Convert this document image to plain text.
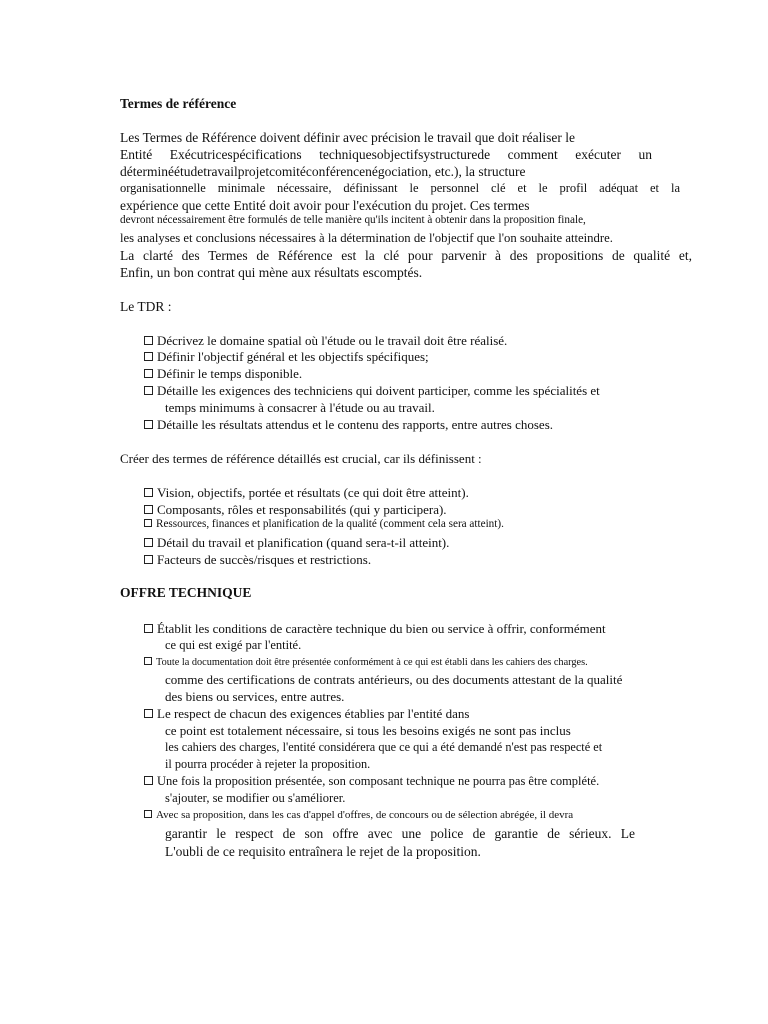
Termes de référence

Les Termes de Référence doivent définir avec précision le travail que doit réaliser le

Entité Exécutricespécifications techniquesobjectifsystructurede comment exécuter un

déterminéétudetravailprojetcomitéconférencenégociation, etc.), la structure

organisationnelle minimale nécessaire, définissant le personnel clé et le profil adéquat et la

expérience que cette Entité doit avoir pour l'exécution du projet. Ces termes

devront nécessairement être formulés de telle manière qu'ils incitent à obtenir dans la proposition finale,

les analyses et conclusions nécessaires à la détermination de l'objectif que l'on souhaite atteindre.

La clarté des Termes de Référence est la clé pour parvenir à des propositions de qualité et,

Enfin, un bon contrat qui mène aux résultats escomptés.

Le TDR :

Décrivez le domaine spatial où l'étude ou le travail doit être réalisé.

Définir l'objectif général et les objectifs spécifiques;

Définir le temps disponible.

Détaille les exigences des techniciens qui doivent participer, comme les spécialités et

temps minimums à consacrer à l'étude ou au travail.

Détaille les résultats attendus et le contenu des rapports, entre autres choses.

Créer des termes de référence détaillés est crucial, car ils définissent :

Vision, objectifs, portée et résultats (ce qui doit être atteint).

Composants, rôles et responsabilités (qui y participera).

Ressources, finances et planification de la qualité (comment cela sera atteint).

Détail du travail et planification (quand sera-t-il atteint).

Facteurs de succès/risques et restrictions.

OFFRE TECHNIQUE

Établit les conditions de caractère technique du bien ou service à offrir, conformément

ce qui est exigé par l'entité.

Toute la documentation doit être présentée conformément à ce qui est établi dans les cahiers des charges.

comme des certifications de contrats antérieurs, ou des documents attestant de la qualité

des biens ou services, entre autres.

Le respect de chacun des exigences établies par l'entité dans

ce point est totalement nécessaire, si tous les besoins exigés ne sont pas inclus

les cahiers des charges, l'entité considérera que ce qui a été demandé n'est pas respecté et

il pourra procéder à rejeter la proposition.

Une fois la proposition présentée, son composant technique ne pourra pas être complété.

s'ajouter, se modifier ou s'améliorer.

Avec sa proposition, dans les cas d'appel d'offres, de concours ou de sélection abrégée, il devra

garantir le respect de son offre avec une police de garantie de sérieux. Le

L'oubli de ce requisito entraînera le rejet de la proposition.
